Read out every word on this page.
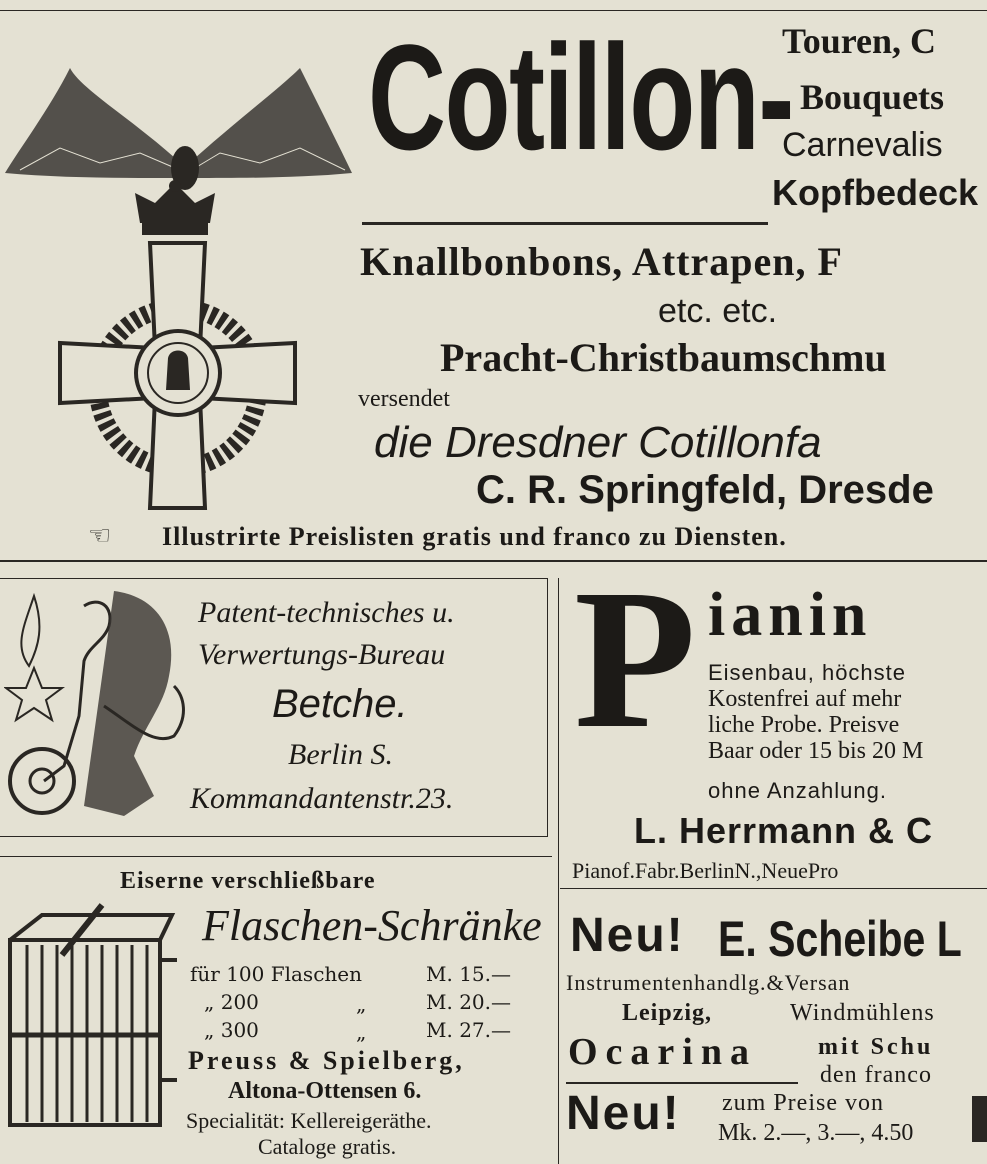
Cotillon-
Touren, C
Bouquets
Carnevalis
Kopfbedeck
Knallbonbons, Attrapen, F
etc. etc.
Pracht-Christbaumschmu
versendet
die Dresdner Cotillonfa
C. R. Springfeld, Dresde
☜ Illustrirte Preislisten gratis und franco zu Diensten.
Patent-technisches u.
Verwertungs-Bureau
Betche.
Berlin S.
Kommandantenstr.23.
Eiserne verschließbare
Flaschen-Schränke
für 100 Flaschen	M. 15.—
„ 200	„	M. 20.—
„ 300	„	M. 27.—
Preuss & Spielberg,
Altona-Ottensen 6.
Specialität: Kellereigeräthe.
Cataloge gratis.
P ianin
Eisenbau, höchste
Kostenfrei auf mehr
liche Probe. Preisve
Baar oder 15 bis 20 M
ohne Anzahlung.
L. Herrmann & C
Pianof.Fabr.BerlinN.,NeuePro
Neu! E. Scheibe L
Instrumentenhandlg.&Versan
Leipzig,	Windmühlens
Ocarina	mit Schu
den franco
Neu! zum Preise von
Mk. 2.—, 3.—, 4.50
